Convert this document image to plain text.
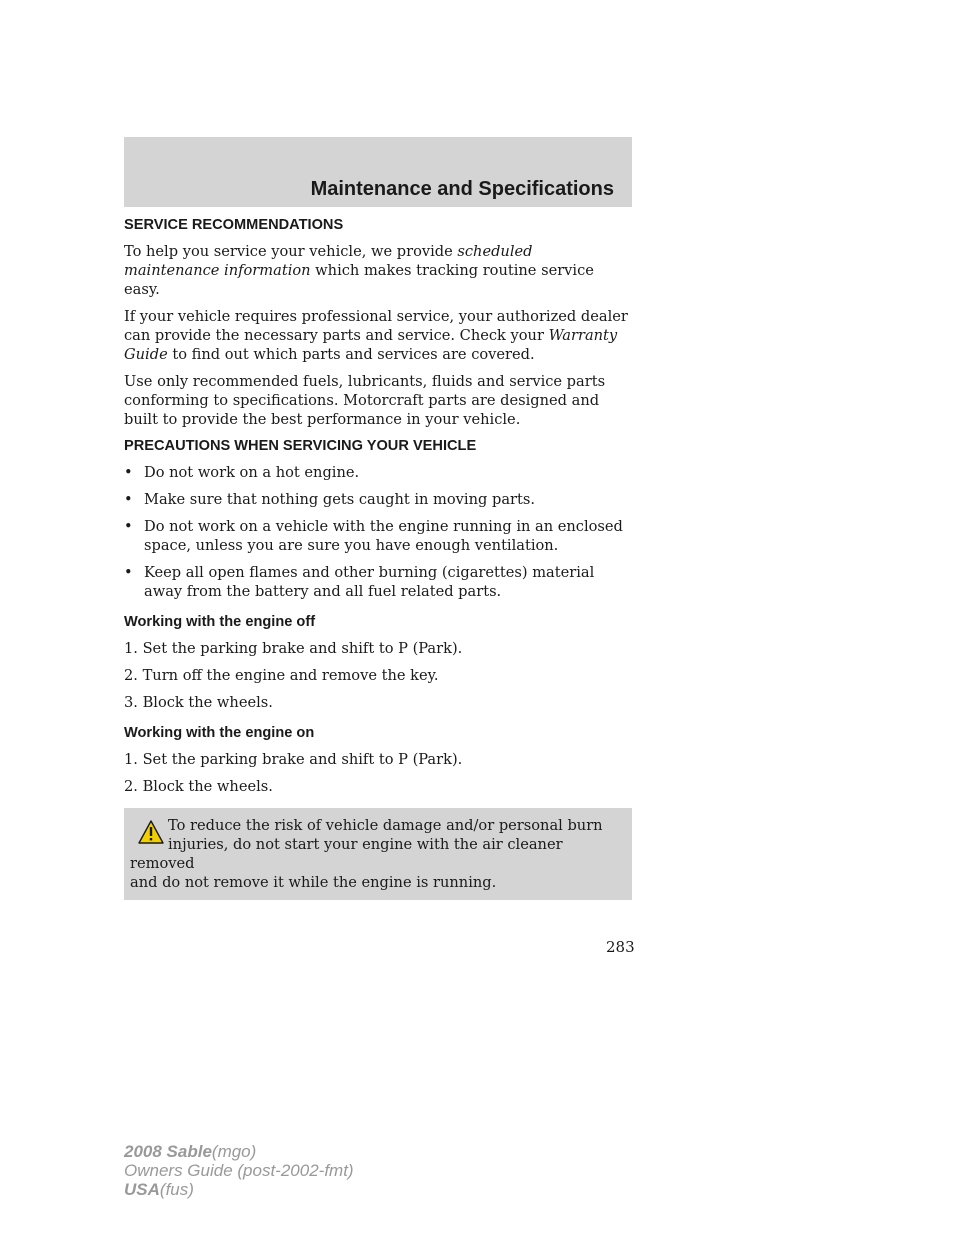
Maintenance and Specifications
SERVICE RECOMMENDATIONS

To help you service your vehicle, we provide scheduled maintenance information which makes tracking routine service easy.

If your vehicle requires professional service, your authorized dealer can provide the necessary parts and service. Check your Warranty Guide to find out which parts and services are covered.

Use only recommended fuels, lubricants, fluids and service parts conforming to specifications. Motorcraft parts are designed and built to provide the best performance in your vehicle.

PRECAUTIONS WHEN SERVICING YOUR VEHICLE
• Do not work on a hot engine.
• Make sure that nothing gets caught in moving parts.
• Do not work on a vehicle with the engine running in an enclosed space, unless you are sure you have enough ventilation.
• Keep all open flames and other burning (cigarettes) material away from the battery and all fuel related parts.
Working with the engine off
1. Set the parking brake and shift to P (Park).
2. Turn off the engine and remove the key.
3. Block the wheels.
Working with the engine on
1. Set the parking brake and shift to P (Park).
2. Block the wheels.
To reduce the risk of vehicle damage and/or personal burn
injuries, do not start your engine with the air cleaner removed
and do not remove it while the engine is running.
283
2008 Sable(mgo)
Owners Guide (post-2002-fmt)
USA(fus)
